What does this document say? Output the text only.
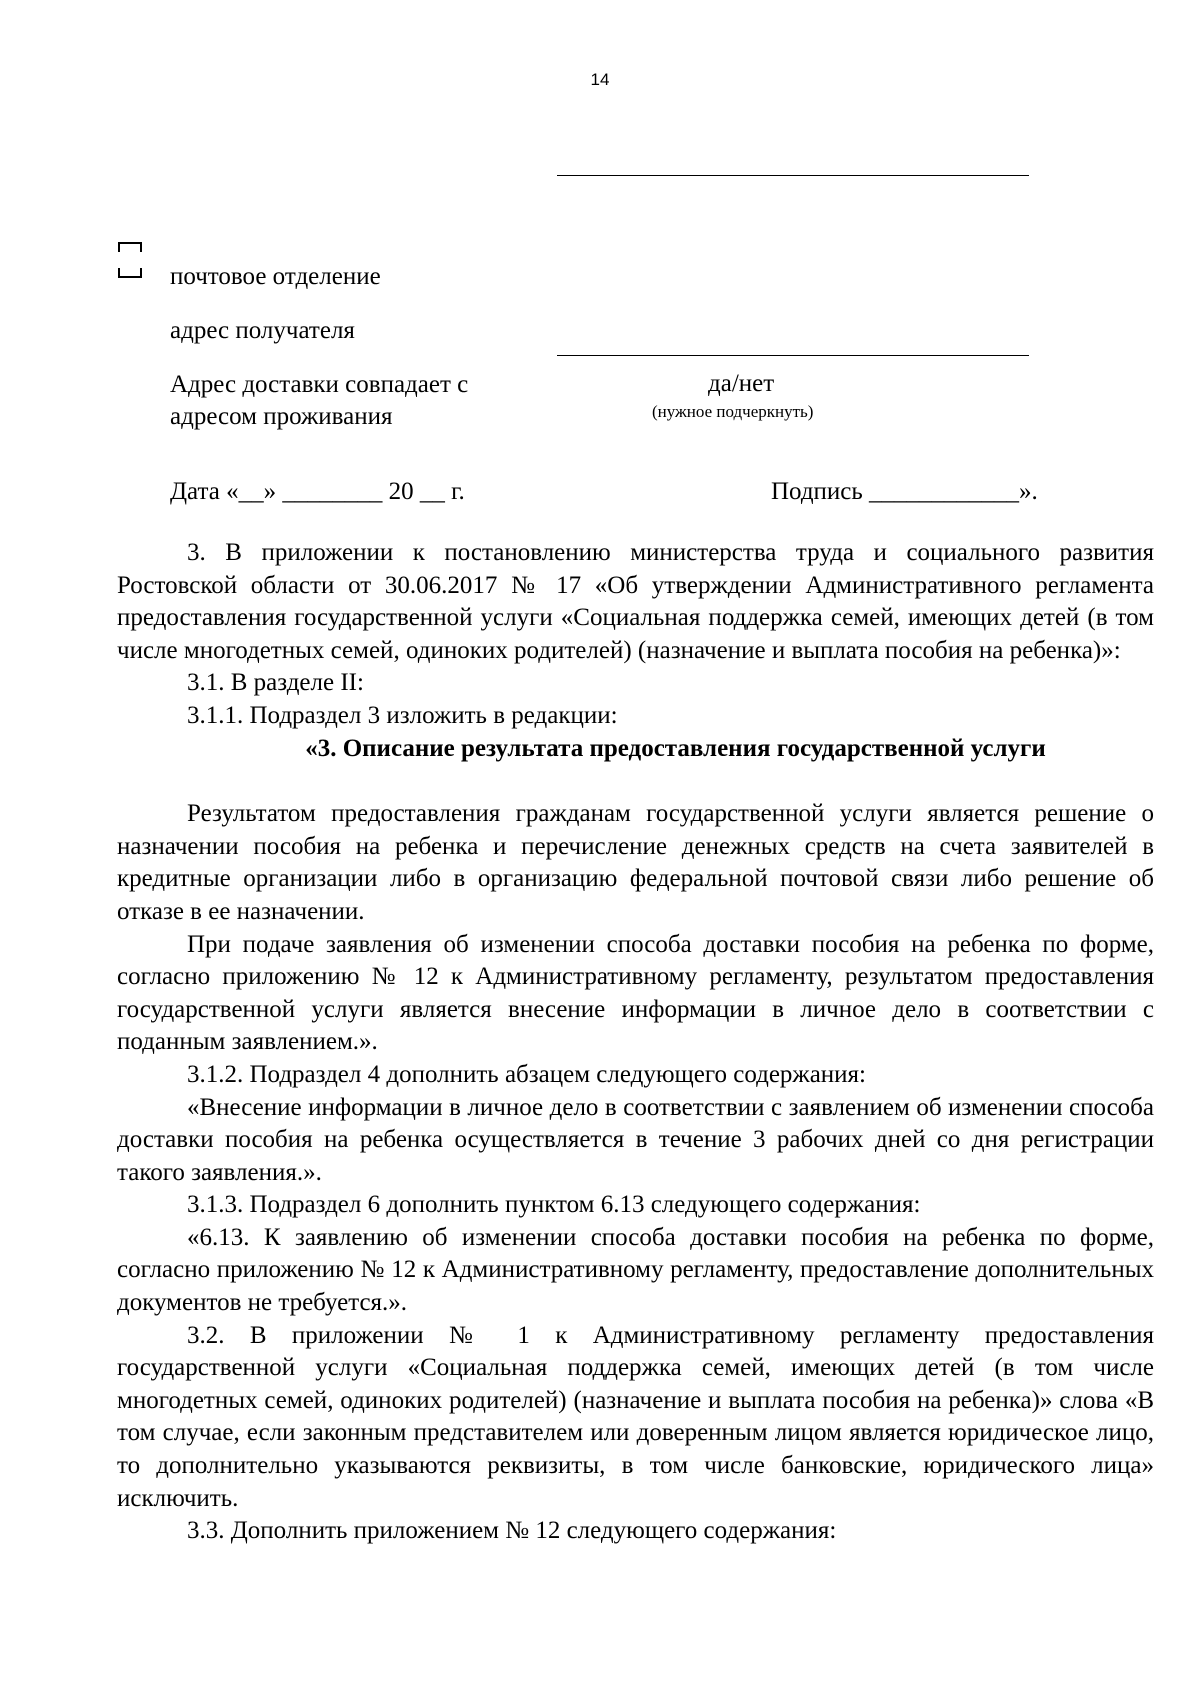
14
почтовое отделение
адрес получателя
Адрес доставки совпадает с
адресом проживания
да/нет
(нужное подчеркнуть)
Дата «__» ________ 20 __ г.	Подпись ____________».

3. В приложении к постановлению министерства труда и социального развития Ростовской области от 30.06.2017 № 17 «Об утверждении Административного регламента предоставления государственной услуги «Социальная поддержка семей, имеющих детей (в том числе многодетных семей, одиноких родителей) (назначение и выплата пособия на ребенка)»:

3.1. В разделе II:

3.1.1. Подраздел 3 изложить в редакции:

«3. Описание результата предоставления государственной услуги

Результатом предоставления гражданам государственной услуги является решение о назначении пособия на ребенка и перечисление денежных средств на счета заявителей в кредитные организации либо в организацию федеральной почтовой связи либо решение об отказе в ее назначении.

При подаче заявления об изменении способа доставки пособия на ребенка по форме, согласно приложению № 12 к Административному регламенту, результатом предоставления государственной услуги является внесение информации в личное дело в соответствии с поданным заявлением.».

3.1.2. Подраздел 4 дополнить абзацем следующего содержания:

«Внесение информации в личное дело в соответствии с заявлением об изменении способа доставки пособия на ребенка осуществляется в течение 3 рабочих дней со дня регистрации такого заявления.».

3.1.3. Подраздел 6 дополнить пунктом 6.13 следующего содержания:

«6.13. К заявлению об изменении способа доставки пособия на ребенка по форме, согласно приложению № 12 к Административному регламенту, предоставление дополнительных документов не требуется.».

3.2. В приложении № 1 к Административному регламенту предоставления государственной услуги «Социальная поддержка семей, имеющих детей (в том числе многодетных семей, одиноких родителей) (назначение и выплата пособия на ребенка)» слова «В том случае, если законным представителем или доверенным лицом является юридическое лицо, то дополнительно указываются реквизиты, в том числе банковские, юридического лица» исключить.

3.3. Дополнить приложением № 12 следующего содержания:
